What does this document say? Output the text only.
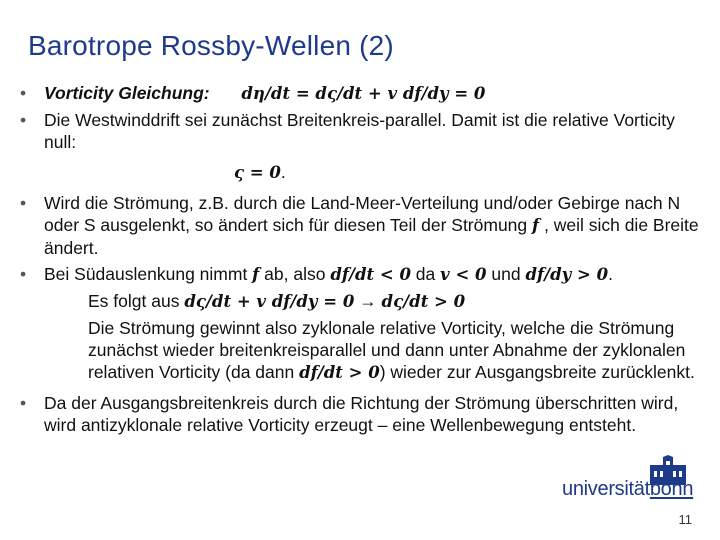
Barotrope Rossby-Wellen (2)
• Vorticity Gleichung: dη/dt = dς/dt + v df/dy = 0
• Die Westwinddrift sei zunächst Breitenkreis-parallel. Damit ist die relative Vorticity null:
ς = 0.
• Wird die Strömung, z.B. durch die Land-Meer-Verteilung und/oder Gebirge nach N oder S ausgelenkt, so ändert sich für diesen Teil der Strömung f , weil sich die Breite ändert.
• Bei Südauslenkung nimmt f ab, also df/dt < 0 da v < 0 und df/dy > 0.
Es folgt aus dς/dt + v df/dy = 0 → dς/dt > 0
Die Strömung gewinnt also zyklonale relative Vorticity, welche die Strömung zunächst wieder breitenkreisparallel und dann unter Abnahme der zyklonalen relativen Vorticity (da dann df/dt > 0) wieder zur Ausgangsbreite zurücklenkt.
• Da der Ausgangsbreitenkreis durch die Richtung der Strömung überschritten wird, wird antizyklonale relative Vorticity erzeugt – eine Wellenbewegung entsteht.
universitätbonn
11
